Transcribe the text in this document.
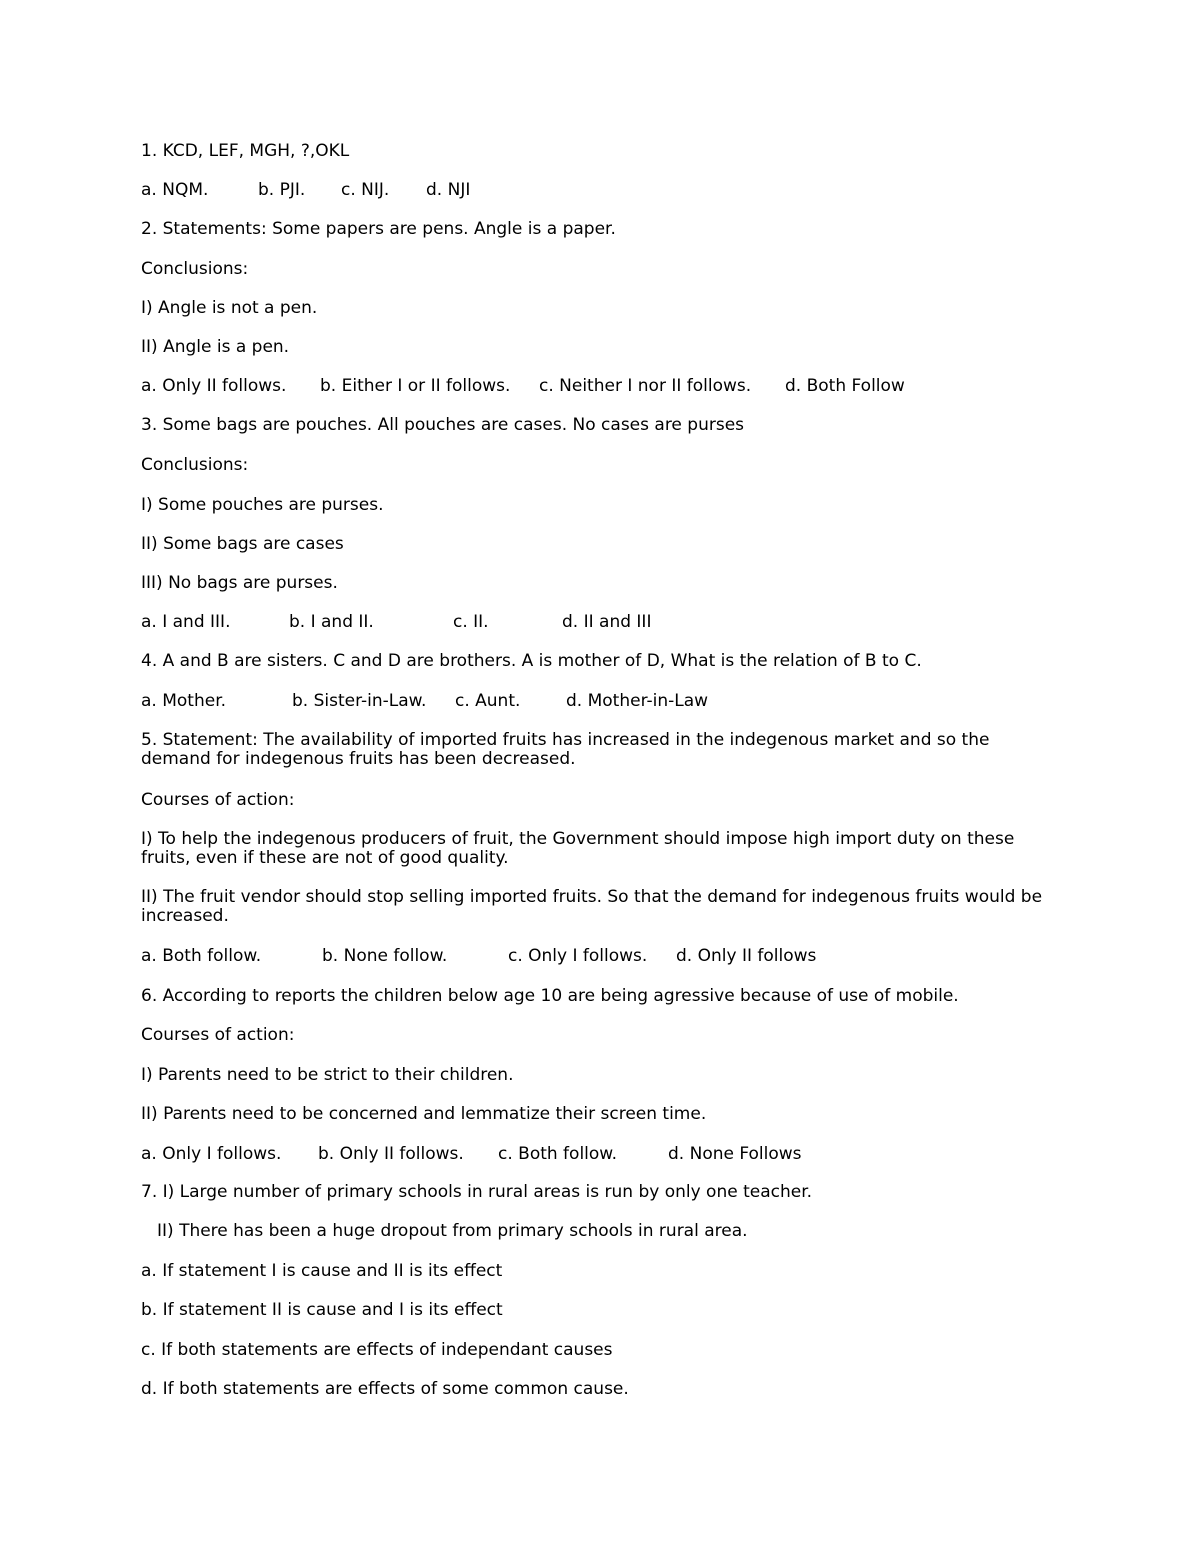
1. KCD, LEF, MGH, ?,OKL
a. NQM.	b. PJI. c. NIJ. d. NJI
2. Statements: Some papers are pens. Angle is a paper.
Conclusions:
I) Angle is not a pen.
II) Angle is a pen.
a. Only II follows. b. Either I or II follows. c. Neither I nor II follows. d. Both Follow
3. Some bags are pouches. All pouches are cases. No cases are purses
Conclusions:
I) Some pouches are purses.
II) Some bags are cases
III) No bags are purses.
a. I and III.	b. I and II.	c. II.	d. II and III
4. A and B are sisters. C and D are brothers. A is mother of D, What is the relation of B to C.
a. Mother.	b. Sister-in-Law. c. Aunt.	d. Mother-in-Law
5. Statement: The availability of imported fruits has increased in the indegenous market and so the demand for indegenous fruits has been decreased.
Courses of action:
I) To help the indegenous producers of fruit, the Government should impose high import duty on these fruits, even if these are not of good quality.
II) The fruit vendor should stop selling imported fruits. So that the demand for indegenous fruits would be increased.
a. Both follow.	b. None follow.	c. Only I follows. d. Only II follows
6. According to reports the children below age 10 are being agressive because of use of mobile.
Courses of action:
I) Parents need to be strict to their children.
II) Parents need to be concerned and lemmatize their screen time.
a. Only I follows. b. Only II follows. c. Both follow.	d. None Follows
7. I) Large number of primary schools in rural areas is run by only one teacher.
II) There has been a huge dropout from primary schools in rural area.
a. If statement I is cause and II is its effect
b. If statement II is cause and I is its effect
c. If both statements are effects of independant causes
d. If both statements are effects of some common cause.
